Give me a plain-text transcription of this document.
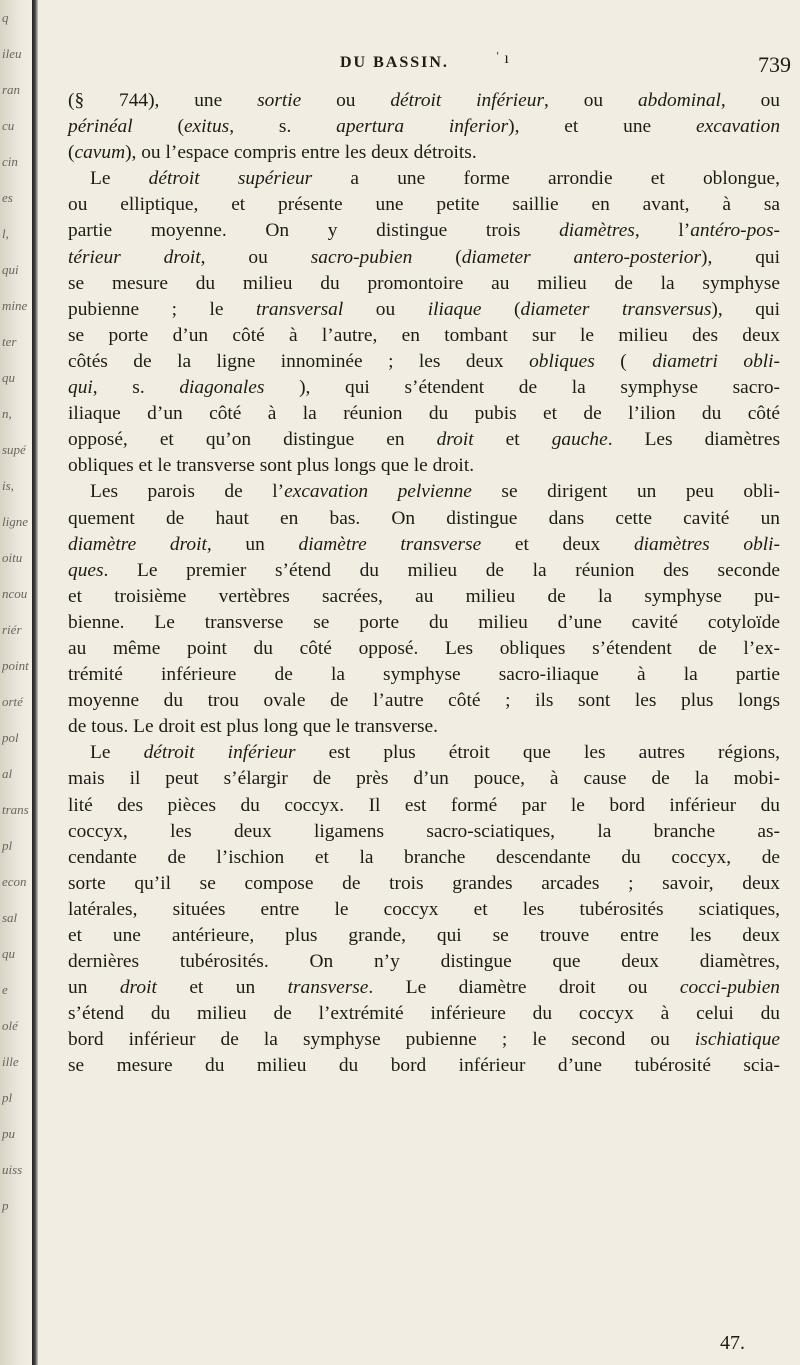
q
ileu
ran
cu
cin
es
l,
qui
mine
ter
qu
n,
supé
is,
ligne
oitu
ncou
riér
point
orté
pol
al
trans
pl
econ
sal
qu
e
olé
ille
pl
pu
uiss
p
DU BASSIN.	ˈ ı	739
(§ 744), une sortie ou détroit inférieur, ou abdominal, ou
périnéal (exitus, s. apertura inferior), et une excavation
(cavum), ou l’espace compris entre les deux détroits.
Le détroit supérieur a une forme arrondie et oblongue,
ou elliptique, et présente une petite saillie en avant, à sa
partie moyenne. On y distingue trois diamètres, l’antéro-pos-
térieur droit, ou sacro-pubien (diameter antero-posterior), qui
se mesure du milieu du promontoire au milieu de la symphyse
pubienne ; le transversal ou iliaque (diameter transversus), qui
se porte d’un côté à l’autre, en tombant sur le milieu des deux
côtés de la ligne innominée ; les deux obliques ( diametri obli-
qui, s. diagonales ), qui s’étendent de la symphyse sacro-
iliaque d’un côté à la réunion du pubis et de l’ilion du côté
opposé, et qu’on distingue en droit et gauche. Les diamètres
obliques et le transverse sont plus longs que le droit.
Les parois de l’excavation pelvienne se dirigent un peu obli-
quement de haut en bas. On distingue dans cette cavité un
diamètre droit, un diamètre transverse et deux diamètres obli-
ques. Le premier s’étend du milieu de la réunion des seconde
et troisième vertèbres sacrées, au milieu de la symphyse pu-
bienne. Le transverse se porte du milieu d’une cavité cotyloïde
au même point du côté opposé. Les obliques s’étendent de l’ex-
trémité inférieure de la symphyse sacro-iliaque à la partie
moyenne du trou ovale de l’autre côté ; ils sont les plus longs
de tous. Le droit est plus long que le transverse.
Le détroit inférieur est plus étroit que les autres régions,
mais il peut s’élargir de près d’un pouce, à cause de la mobi-
lité des pièces du coccyx. Il est formé par le bord inférieur du
coccyx, les deux ligamens sacro-sciatiques, la branche as-
cendante de l’ischion et la branche descendante du coccyx, de
sorte qu’il se compose de trois grandes arcades ; savoir, deux
latérales, situées entre le coccyx et les tubérosités sciatiques,
et une antérieure, plus grande, qui se trouve entre les deux
dernières tubérosités. On n’y distingue que deux diamètres,
un droit et un transverse. Le diamètre droit ou cocci-pubien
s’étend du milieu de l’extrémité inférieure du coccyx à celui du
bord inférieur de la symphyse pubienne ; le second ou ischiatique
se mesure du milieu du bord inférieur d’une tubérosité scia-
47.
